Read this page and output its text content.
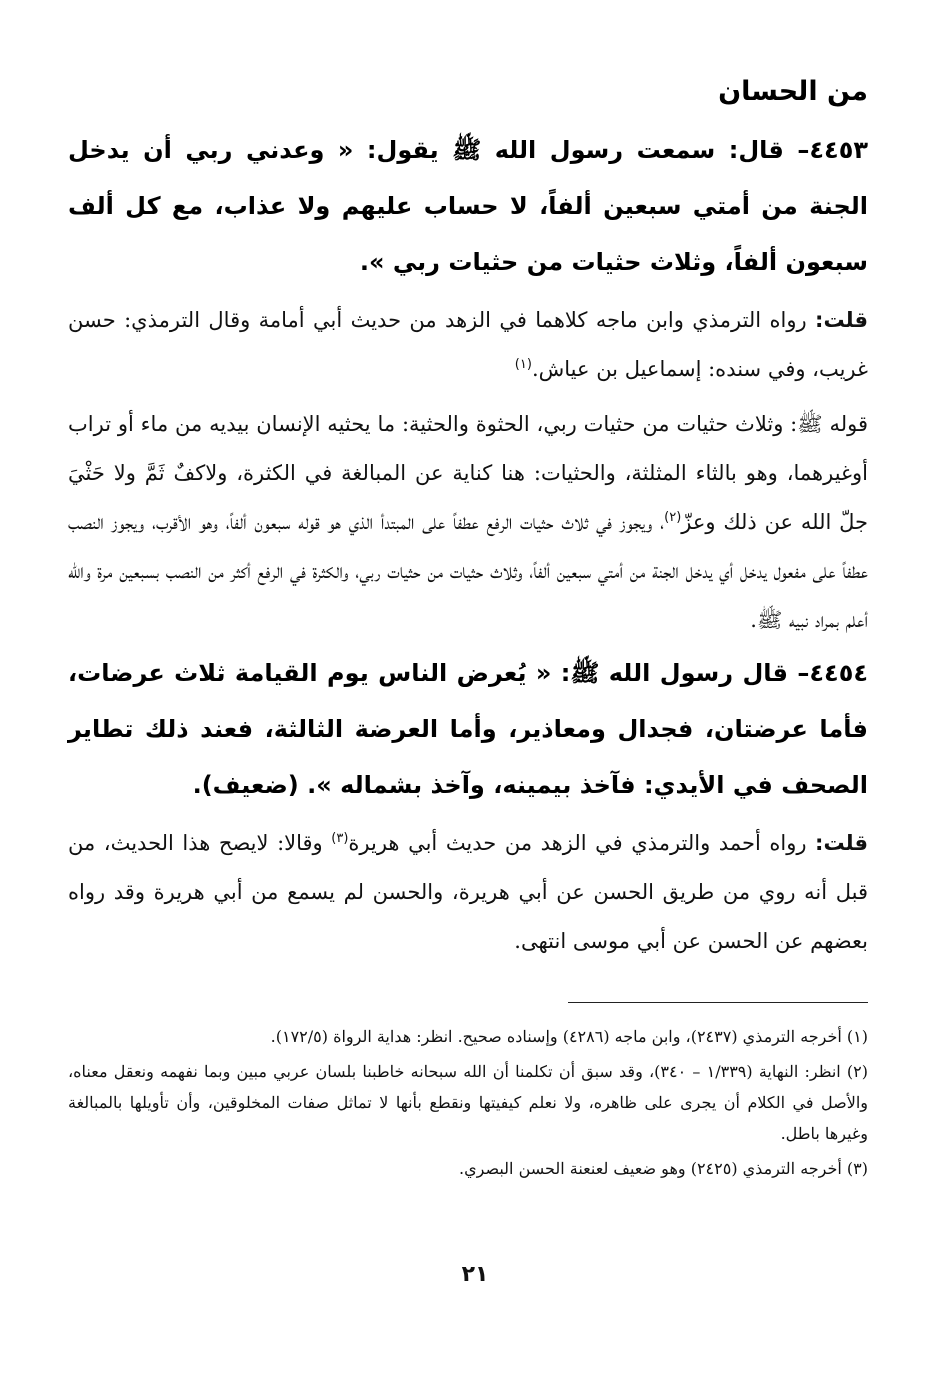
من الحسان

٤٤٥٣– قال: سمعت رسول الله ﷺ يقول: « وعدني ربي أن يدخل الجنة من أمتي سبعين ألفاً، لا حساب عليهم ولا عذاب، مع كل ألف سبعون ألفاً، وثلاث حثيات من حثيات ربي ».

قلت: رواه الترمذي وابن ماجه كلاهما في الزهد من حديث أبي أمامة وقال الترمذي: حسن غريب، وفي سنده: إسماعيل بن عياش.$^{(١)}$

قوله ﷺ: وثلاث حثيات من حثيات ربي، الحثوة والحثية: ما يحثيه الإنسان بيديه من ماء أو تراب أوغيرهما، وهو بالثاء المثلثة، والحثيات: هنا كناية عن المبالغة في الكثرة، ولاكفٌ ثَمَّ ولا حَثْيَ جلّ الله عن ذلك وعزّ$^{(٢)}$، ويجوز في ثلاث حثيات الرفع عطفاً على المبتدأ الذي هو قوله سبعون ألفاً، وهو الأقرب، ويجوز النصب عطفاً على مفعول يدخل أي يدخل الجنة من أمتي سبعين ألفاً، وثلاث حثيات من حثيات ربي، والكثرة في الرفع أكثر من النصب بسبعين مرة والله أعلم بمراد نبيه ﷺ.

٤٤٥٤– قال رسول الله ﷺ: « يُعرض الناس يوم القيامة ثلاث عرضات، فأما عرضتان، فجدال ومعاذير، وأما العرضة الثالثة، فعند ذلك تطاير الصحف في الأيدي: فآخذ بيمينه، وآخذ بشماله ». (ضعيف).

قلت: رواه أحمد والترمذي في الزهد من حديث أبي هريرة$^{(٣)}$ وقالا: لايصح هذا الحديث، من قبل أنه روي من طريق الحسن عن أبي هريرة، والحسن لم يسمع من أبي هريرة وقد رواه بعضهم عن الحسن عن أبي موسى انتهى.

(١) أخرجه الترمذي (٢٤٣٧)، وابن ماجه (٤٢٨٦) وإسناده صحيح. انظر: هداية الرواة (١٧٢/٥).

(٢) انظر: النهاية (١/٣٣٩ – ٣٤٠)، وقد سبق أن تكلمنا أن الله سبحانه خاطبنا بلسان عربي مبين وبما نفهمه ونعقل معناه، والأصل في الكلام أن يجرى على ظاهره، ولا نعلم كيفيتها ونقطع بأنها لا تماثل صفات المخلوقين، وأن تأويلها بالمبالغة وغيرها باطل.

(٣) أخرجه الترمذي (٢٤٢٥) وهو ضعيف لعنعنة الحسن البصري.

٢١
